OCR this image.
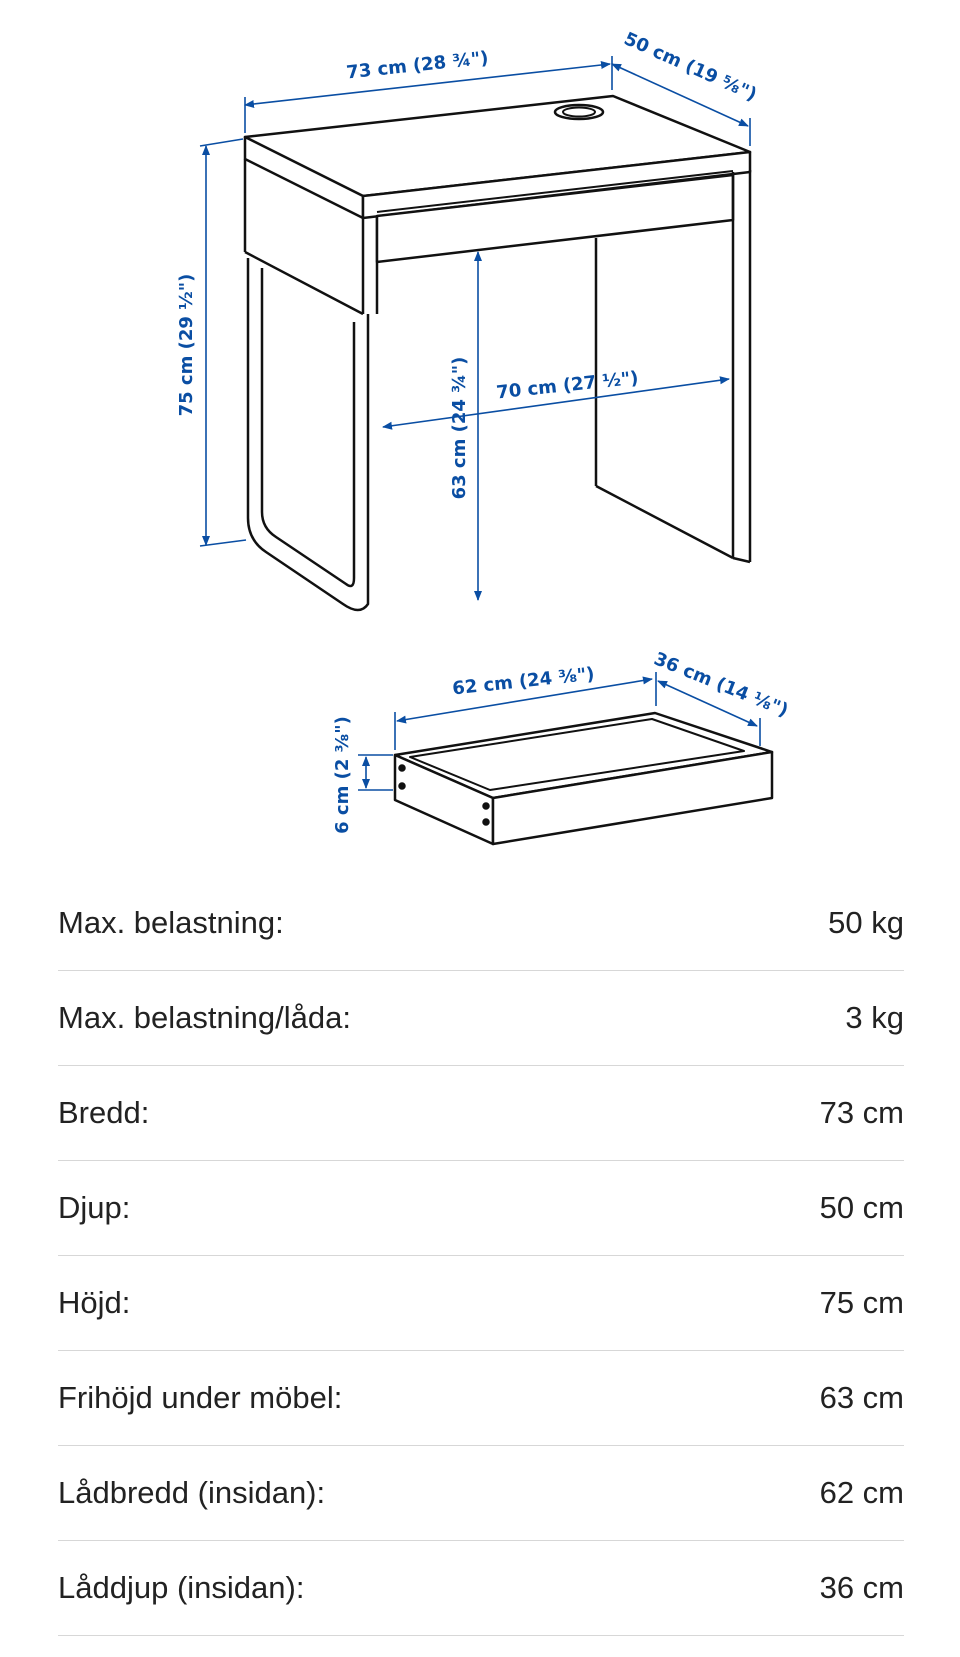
73 cm (28 ¾")	50 cm (19 ⅝")
75 cm (29 ½")
63 cm (24 ¾") 70 cm (27 ½")
62 cm (24 ⅜")	36 cm (14 ⅛")
6 cm (2 ⅜")
Max. belastning:	50 kg
Max. belastning/låda:	3 kg
Bredd:	73 cm
Djup:	50 cm
Höjd:	75 cm
Frihöjd under möbel:	63 cm
Lådbredd (insidan):	62 cm
Låddjup (insidan):	36 cm
